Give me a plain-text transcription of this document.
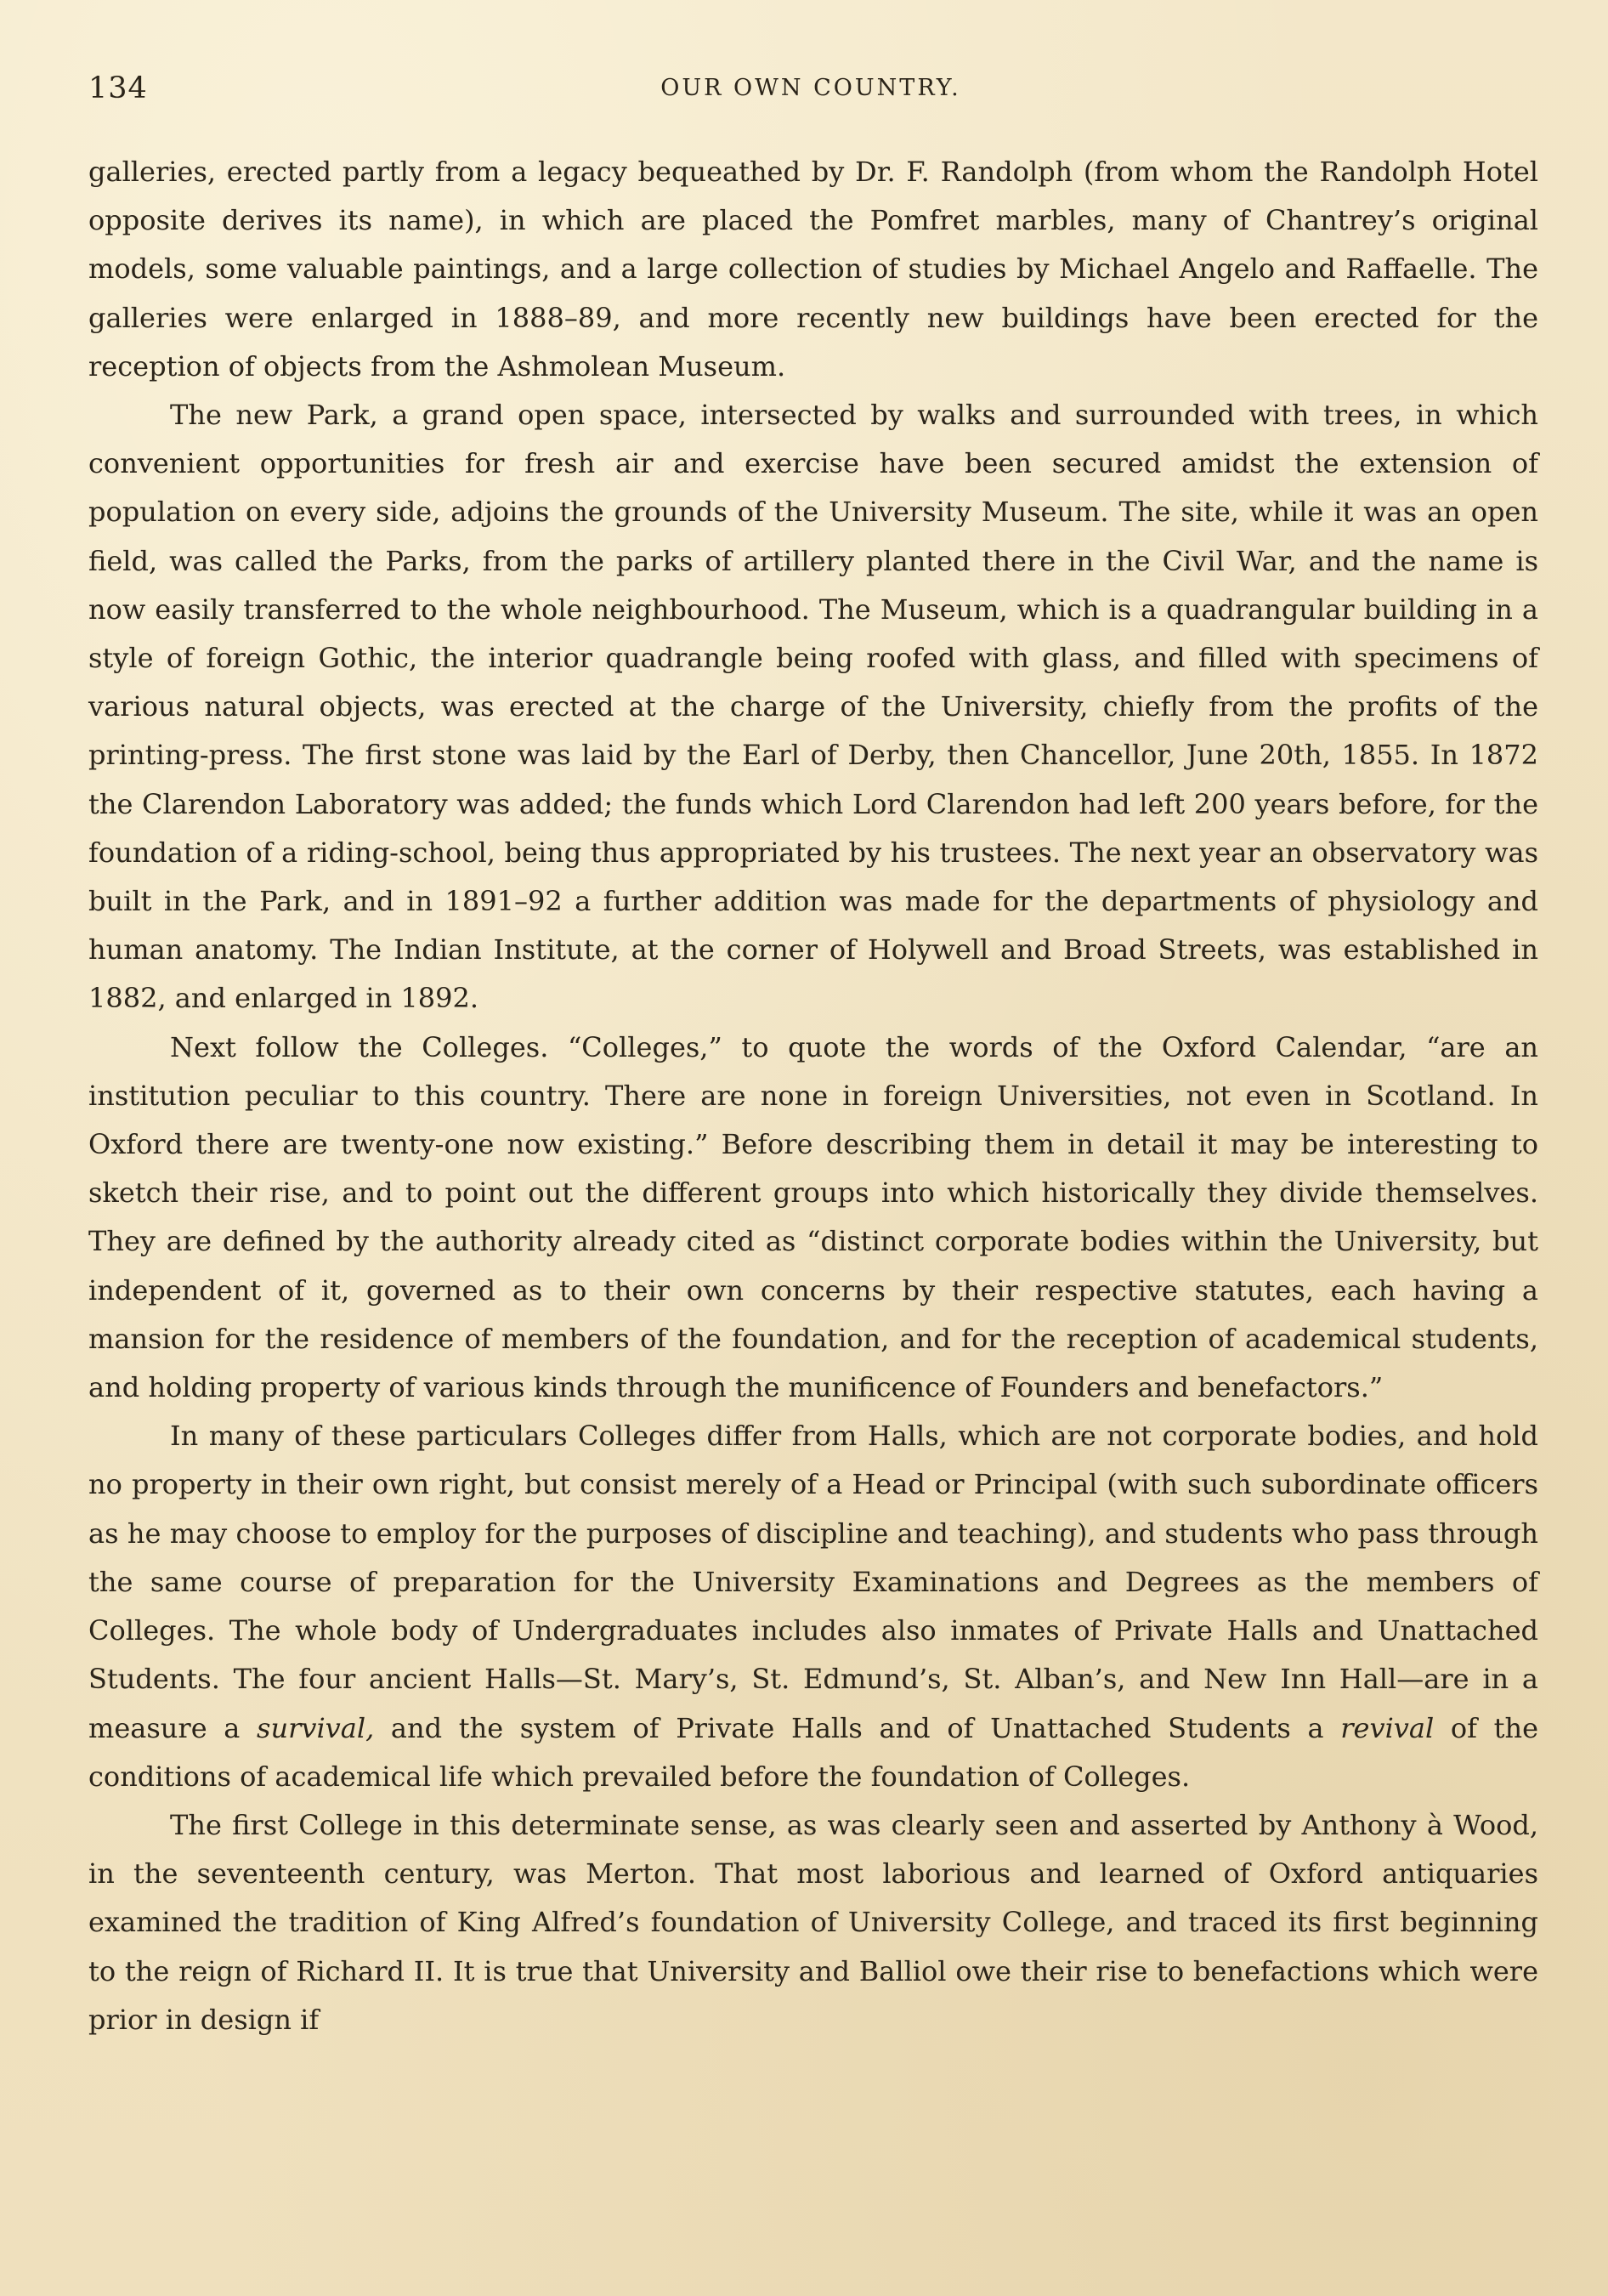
134	OUR OWN COUNTRY.

galleries, erected partly from a legacy bequeathed by Dr. F. Randolph (from whom the Randolph Hotel opposite derives its name), in which are placed the Pomfret marbles, many of Chantrey’s original models, some valuable paintings, and a large collection of studies by Michael Angelo and Raffaelle. The galleries were enlarged in 1888–89, and more recently new buildings have been erected for the reception of objects from the Ashmolean Museum.

The new Park, a grand open space, intersected by walks and surrounded with trees, in which convenient opportunities for fresh air and exercise have been secured amidst the extension of population on every side, adjoins the grounds of the University Museum. The site, while it was an open field, was called the Parks, from the parks of artillery planted there in the Civil War, and the name is now easily transferred to the whole neighbourhood. The Museum, which is a quadrangular building in a style of foreign Gothic, the interior quadrangle being roofed with glass, and filled with specimens of various natural objects, was erected at the charge of the University, chiefly from the profits of the printing-press. The first stone was laid by the Earl of Derby, then Chancellor, June 20th, 1855. In 1872 the Clarendon Laboratory was added; the funds which Lord Clarendon had left 200 years before, for the foundation of a riding-school, being thus appropriated by his trustees. The next year an observatory was built in the Park, and in 1891–92 a further addition was made for the departments of physiology and human anatomy. The Indian Institute, at the corner of Holywell and Broad Streets, was established in 1882, and enlarged in 1892.

Next follow the Colleges. “Colleges,” to quote the words of the Oxford Calendar, “are an institution peculiar to this country. There are none in foreign Universities, not even in Scotland. In Oxford there are twenty-one now existing.” Before describing them in detail it may be interesting to sketch their rise, and to point out the different groups into which historically they divide themselves. They are defined by the authority already cited as “distinct corporate bodies within the University, but independent of it, governed as to their own concerns by their respective statutes, each having a mansion for the residence of members of the foundation, and for the reception of academical students, and holding property of various kinds through the munificence of Founders and benefactors.”

In many of these particulars Colleges differ from Halls, which are not corporate bodies, and hold no property in their own right, but consist merely of a Head or Principal (with such subordinate officers as he may choose to employ for the purposes of discipline and teaching), and students who pass through the same course of preparation for the University Examinations and Degrees as the members of Colleges. The whole body of Undergraduates includes also inmates of Private Halls and Unattached Students. The four ancient Halls—St. Mary’s, St. Edmund’s, St. Alban’s, and New Inn Hall—are in a measure a survival, and the system of Private Halls and of Unattached Students a revival of the conditions of academical life which prevailed before the foundation of Colleges.

The first College in this determinate sense, as was clearly seen and asserted by Anthony à Wood, in the seventeenth century, was Merton. That most laborious and learned of Oxford antiquaries examined the tradition of King Alfred’s foundation of University College, and traced its first beginning to the reign of Richard II. It is true that University and Balliol owe their rise to benefactions which were prior in design if
